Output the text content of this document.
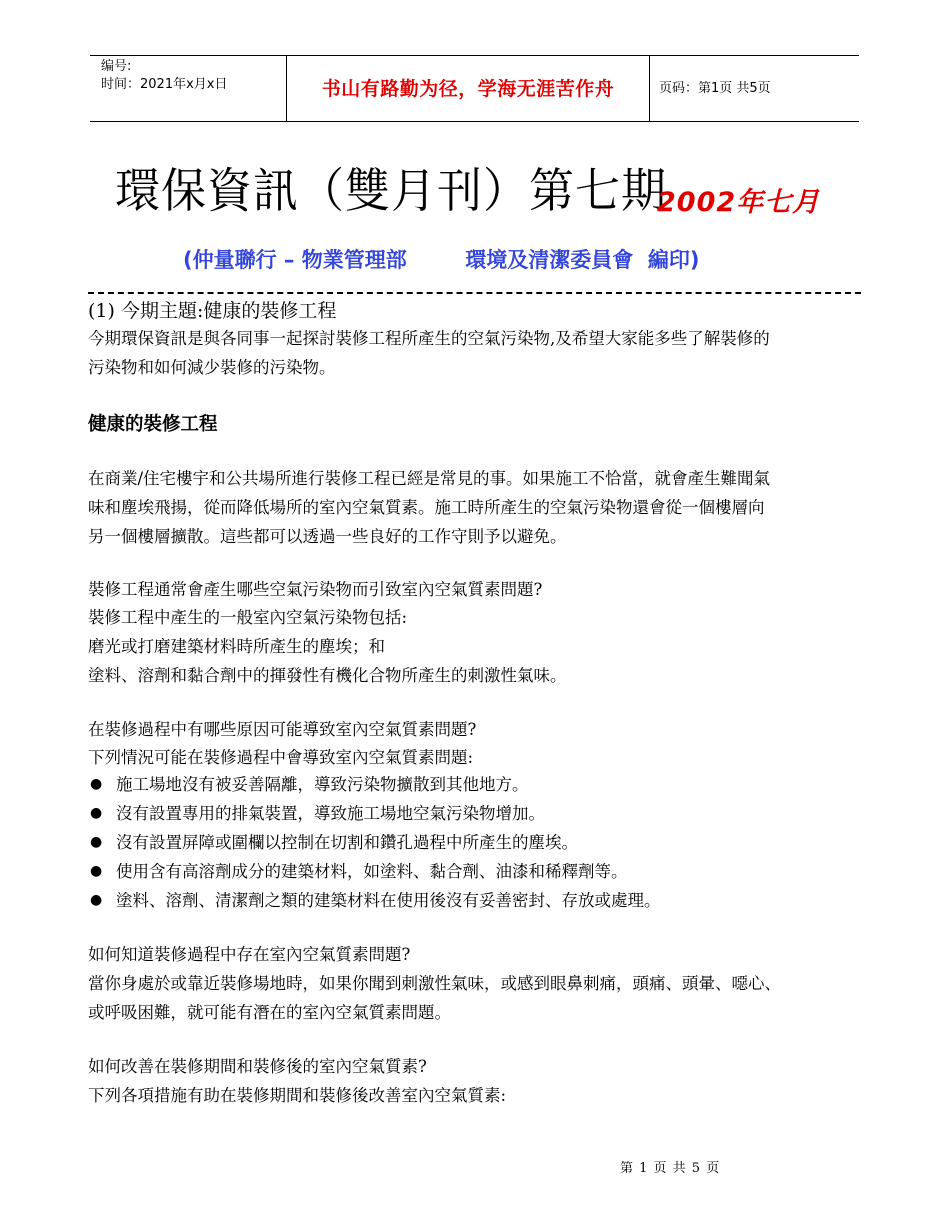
编号:
时间：2021年x月x日	书山有路勤为径，学海无涯苦作舟	页码：第1页 共5页
環保資訊（雙月刊）第七期
2002年七月
(仲量聯行 – 物業管理部        環境及清潔委員會  編印)
(1) 今期主題:健康的裝修工程
今期環保資訊是與各同事一起探討裝修工程所產生的空氣污染物,及希望大家能多些了解裝修的
污染物和如何減少裝修的污染物。
健康的裝修工程
在商業/住宅樓宇和公共場所進行裝修工程已經是常見的事。如果施工不恰當，就會產生難聞氣
味和塵埃飛揚，從而降低場所的室內空氣質素。施工時所產生的空氣污染物還會從一個樓層向
另一個樓層擴散。這些都可以透過一些良好的工作守則予以避免。
裝修工程通常會產生哪些空氣污染物而引致室內空氣質素問題?
裝修工程中產生的一般室內空氣污染物包括:
磨光或打磨建築材料時所產生的塵埃；和
塗料、溶劑和黏合劑中的揮發性有機化合物所產生的刺激性氣味。
在裝修過程中有哪些原因可能導致室內空氣質素問題?
下列情況可能在裝修過程中會導致室內空氣質素問題:
● 施工場地沒有被妥善隔離，導致污染物擴散到其他地方。
● 沒有設置專用的排氣裝置，導致施工場地空氣污染物增加。
● 沒有設置屏障或圍欄以控制在切割和鑽孔過程中所產生的塵埃。
● 使用含有高溶劑成分的建築材料，如塗料、黏合劑、油漆和稀釋劑等。
● 塗料、溶劑、清潔劑之類的建築材料在使用後沒有妥善密封、存放或處理。
如何知道裝修過程中存在室內空氣質素問題?
當你身處於或靠近裝修場地時，如果你聞到刺激性氣味，或感到眼鼻刺痛，頭痛、頭暈、噁心、
或呼吸困難，就可能有潛在的室內空氣質素問題。
如何改善在裝修期間和裝修後的室內空氣質素?
下列各項措施有助在裝修期間和裝修後改善室內空氣質素:
第 1 页 共 5 页
